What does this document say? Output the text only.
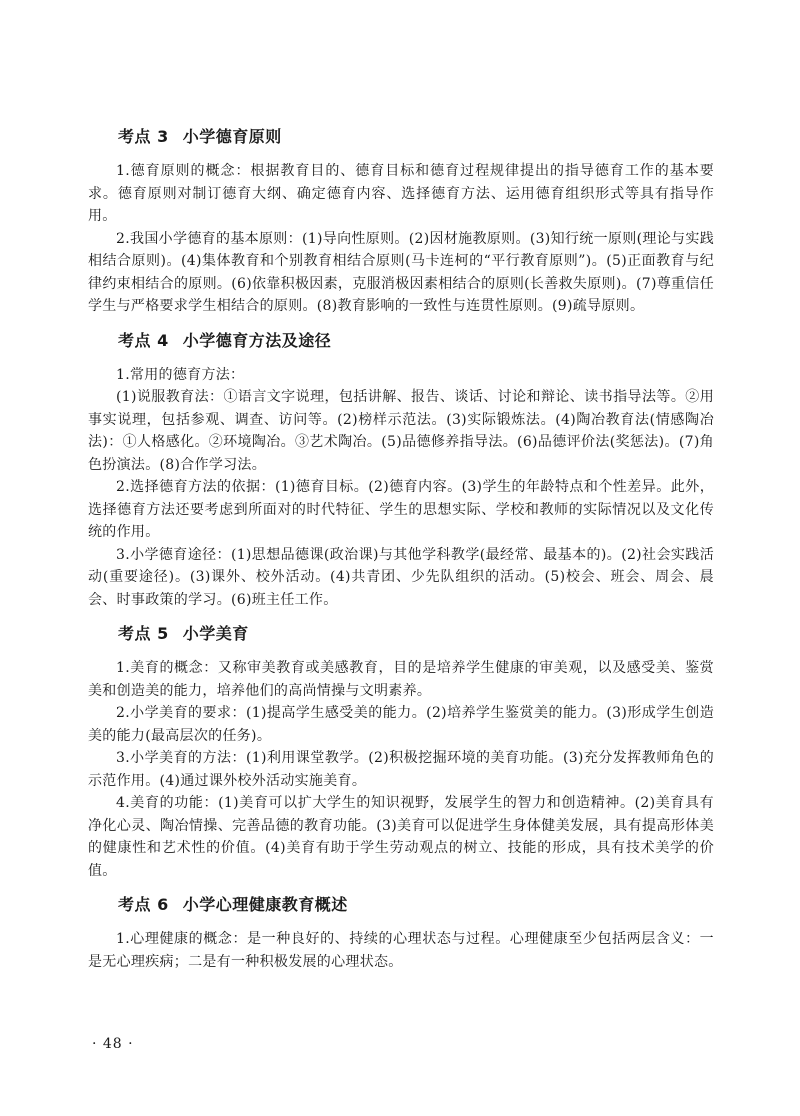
考点 3 小学德育原则

1.德育原则的概念：根据教育目的、德育目标和德育过程规律提出的指导德育工作的基本要求。德育原则对制订德育大纲、确定德育内容、选择德育方法、运用德育组织形式等具有指导作用。

2.我国小学德育的基本原则：(1)导向性原则。(2)因材施教原则。(3)知行统一原则(理论与实践相结合原则)。(4)集体教育和个别教育相结合原则(马卡连柯的“平行教育原则”)。(5)正面教育与纪律约束相结合的原则。(6)依靠积极因素，克服消极因素相结合的原则(长善救失原则)。(7)尊重信任学生与严格要求学生相结合的原则。(8)教育影响的一致性与连贯性原则。(9)疏导原则。

考点 4 小学德育方法及途径

1.常用的德育方法：

(1)说服教育法：①语言文字说理，包括讲解、报告、谈话、讨论和辩论、读书指导法等。②用事实说理，包括参观、调查、访问等。(2)榜样示范法。(3)实际锻炼法。(4)陶冶教育法(情感陶冶法)：①人格感化。②环境陶冶。③艺术陶冶。(5)品德修养指导法。(6)品德评价法(奖惩法)。(7)角色扮演法。(8)合作学习法。

2.选择德育方法的依据：(1)德育目标。(2)德育内容。(3)学生的年龄特点和个性差异。此外，选择德育方法还要考虑到所面对的时代特征、学生的思想实际、学校和教师的实际情况以及文化传统的作用。

3.小学德育途径：(1)思想品德课(政治课)与其他学科教学(最经常、最基本的)。(2)社会实践活动(重要途径)。(3)课外、校外活动。(4)共青团、少先队组织的活动。(5)校会、班会、周会、晨会、时事政策的学习。(6)班主任工作。

考点 5 小学美育

1.美育的概念：又称审美教育或美感教育，目的是培养学生健康的审美观，以及感受美、鉴赏美和创造美的能力，培养他们的高尚情操与文明素养。

2.小学美育的要求：(1)提高学生感受美的能力。(2)培养学生鉴赏美的能力。(3)形成学生创造美的能力(最高层次的任务)。

3.小学美育的方法：(1)利用课堂教学。(2)积极挖掘环境的美育功能。(3)充分发挥教师角色的示范作用。(4)通过课外校外活动实施美育。

4.美育的功能：(1)美育可以扩大学生的知识视野，发展学生的智力和创造精神。(2)美育具有净化心灵、陶冶情操、完善品德的教育功能。(3)美育可以促进学生身体健美发展，具有提高形体美的健康性和艺术性的价值。(4)美育有助于学生劳动观点的树立、技能的形成，具有技术美学的价值。

考点 6 小学心理健康教育概述

1.心理健康的概念：是一种良好的、持续的心理状态与过程。心理健康至少包括两层含义：一是无心理疾病；二是有一种积极发展的心理状态。

· 48 ·
